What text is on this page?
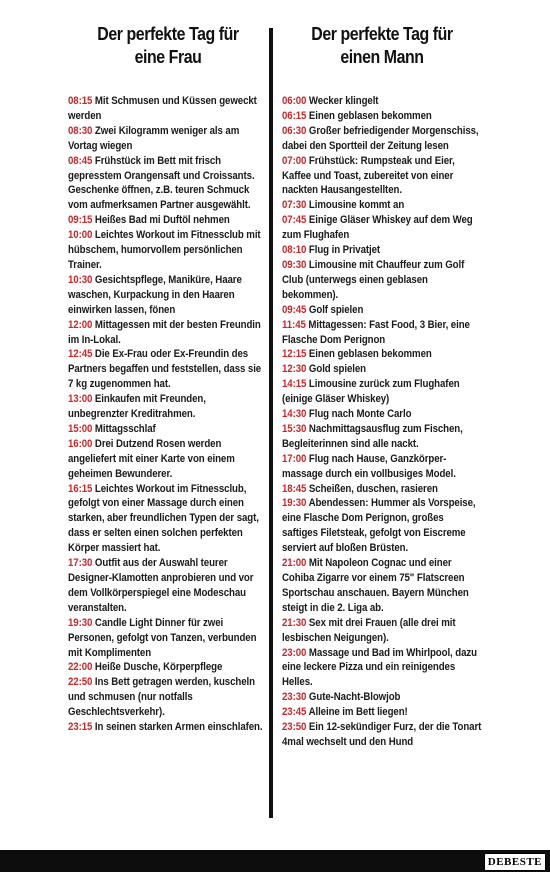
Der perfekte Tag für
eine Frau
08:15 Mit Schmusen und Küssen geweckt werden
08:30 Zwei Kilogramm weniger als am Vortag wiegen
08:45 Frühstück im Bett mit frisch gepresstem Orangensaft und Croissants. Geschenke öffnen, z.B. teuren Schmuck vom aufmerksamen Partner ausgewählt.
09:15 Heißes Bad mi Duftöl nehmen
10:00 Leichtes Workout im Fitnessclub mit hübschem, humorvollem persönlichen Trainer.
10:30 Gesichtspflege, Maniküre, Haare waschen, Kurpackung in den Haaren einwirken lassen, fönen
12:00 Mittagessen mit der besten Freundin im In-Lokal.
12:45 Die Ex-Frau oder Ex-Freundin des Partners begaffen und feststellen, dass sie 7 kg zugenommen hat.
13:00 Einkaufen mit Freunden, unbegrenzter Kreditrahmen.
15:00 Mittagsschlaf
16:00 Drei Dutzend Rosen werden angeliefert mit einer Karte von einem geheimen Bewunderer.
16:15 Leichtes Workout im Fitnessclub, gefolgt von einer Massage durch einen starken, aber freundlichen Typen der sagt, dass er selten einen solchen perfekten Körper massiert hat.
17:30 Outfit aus der Auswahl teurer Designer-Klamotten anprobieren und vor dem Vollkörperspiegel eine Modeschau veranstalten.
19:30 Candle Light Dinner für zwei Personen, gefolgt von Tanzen, verbunden mit Komplimenten
22:00 Heiße Dusche, Körperpflege
22:50 Ins Bett getragen werden, kuscheln und schmusen (nur notfalls Geschlechtsverkehr).
23:15 In seinen starken Armen einschlafen.
Der perfekte Tag für
einen Mann
06:00 Wecker klingelt
06:15 Einen geblasen bekommen
06:30 Großer befriedigender Morgenschiss, dabei den Sportteil der Zeitung lesen
07:00 Frühstück: Rumpsteak und Eier, Kaffee und Toast, zubereitet von einer nackten Hausangestellten.
07:30 Limousine kommt an
07:45 Einige Gläser Whiskey auf dem Weg zum Flughafen
08:10 Flug in Privatjet
09:30 Limousine mit Chauffeur zum Golf Club (unterwegs einen geblasen bekommen).
09:45 Golf spielen
11:45 Mittagessen: Fast Food, 3 Bier, eine Flasche Dom Perignon
12:15 Einen geblasen bekommen
12:30 Gold spielen
14:15 Limousine zurück zum Flughafen (einige Gläser Whiskey)
14:30 Flug nach Monte Carlo
15:30 Nachmittagsausflug zum Fischen, Begleiterinnen sind alle nackt.
17:00 Flug nach Hause, Ganzkörper-massage durch ein vollbusiges Model.
18:45 Scheißen, duschen, rasieren
19:30 Abendessen: Hummer als Vorspeise, eine Flasche Dom Perignon, großes saftiges Filetsteak, gefolgt von Eiscreme serviert auf bloßen Brüsten.
21:00 Mit Napoleon Cognac und einer Cohiba Zigarre vor einem 75" Flatscreen Sportschau anschauen. Bayern München steigt in die 2. Liga ab.
21:30 Sex mit drei Frauen (alle drei mit lesbischen Neigungen).
23:00 Massage und Bad im Whirlpool, dazu eine leckere Pizza und ein reinigendes Helles.
23:30 Gute-Nacht-Blowjob
23:45 Alleine im Bett liegen!
23:50 Ein 12-sekündiger Furz, der die Tonart 4mal wechselt und den Hund
DEBESTE
